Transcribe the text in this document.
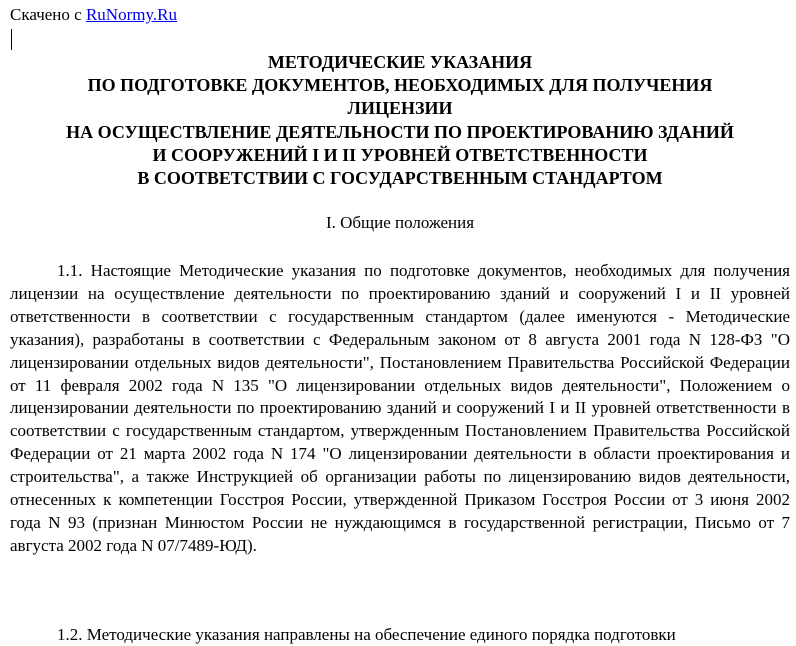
Скачено с RuNormy.Ru
МЕТОДИЧЕСКИЕ УКАЗАНИЯ
ПО ПОДГОТОВКЕ ДОКУМЕНТОВ, НЕОБХОДИМЫХ ДЛЯ ПОЛУЧЕНИЯ
ЛИЦЕНЗИИ
НА ОСУЩЕСТВЛЕНИЕ ДЕЯТЕЛЬНОСТИ ПО ПРОЕКТИРОВАНИЮ ЗДАНИЙ
И СООРУЖЕНИЙ I И II УРОВНЕЙ ОТВЕТСТВЕННОСТИ
В СООТВЕТСТВИИ С ГОСУДАРСТВЕННЫМ СТАНДАРТОМ
I. Общие положения

1.1. Настоящие Методические указания по подготовке документов, необходимых для получения лицензии на осуществление деятельности по проектированию зданий и сооружений I и II уровней ответственности в соответствии с государственным стандартом (далее именуются - Методические указания), разработаны в соответствии с Федеральным законом от 8 августа 2001 года N 128-ФЗ "О лицензировании отдельных видов деятельности", Постановлением Правительства Российской Федерации от 11 февраля 2002 года N 135 "О лицензировании отдельных видов деятельности", Положением о лицензировании деятельности по проектированию зданий и сооружений I и II уровней ответственности в соответствии с государственным стандартом, утвержденным Постановлением Правительства Российской Федерации от 21 марта 2002 года N 174 "О лицензировании деятельности в области проектирования и строительства", а также Инструкцией об организации работы по лицензированию видов деятельности, отнесенных к компетенции Госстроя России, утвержденной Приказом Госстроя России от 3 июня 2002 года N 93 (признан Минюстом России не нуждающимся в государственной регистрации, Письмо от 7 августа 2002 года N 07/7489-ЮД).

1.2. Методические указания направлены на обеспечение единого порядка подготовки
